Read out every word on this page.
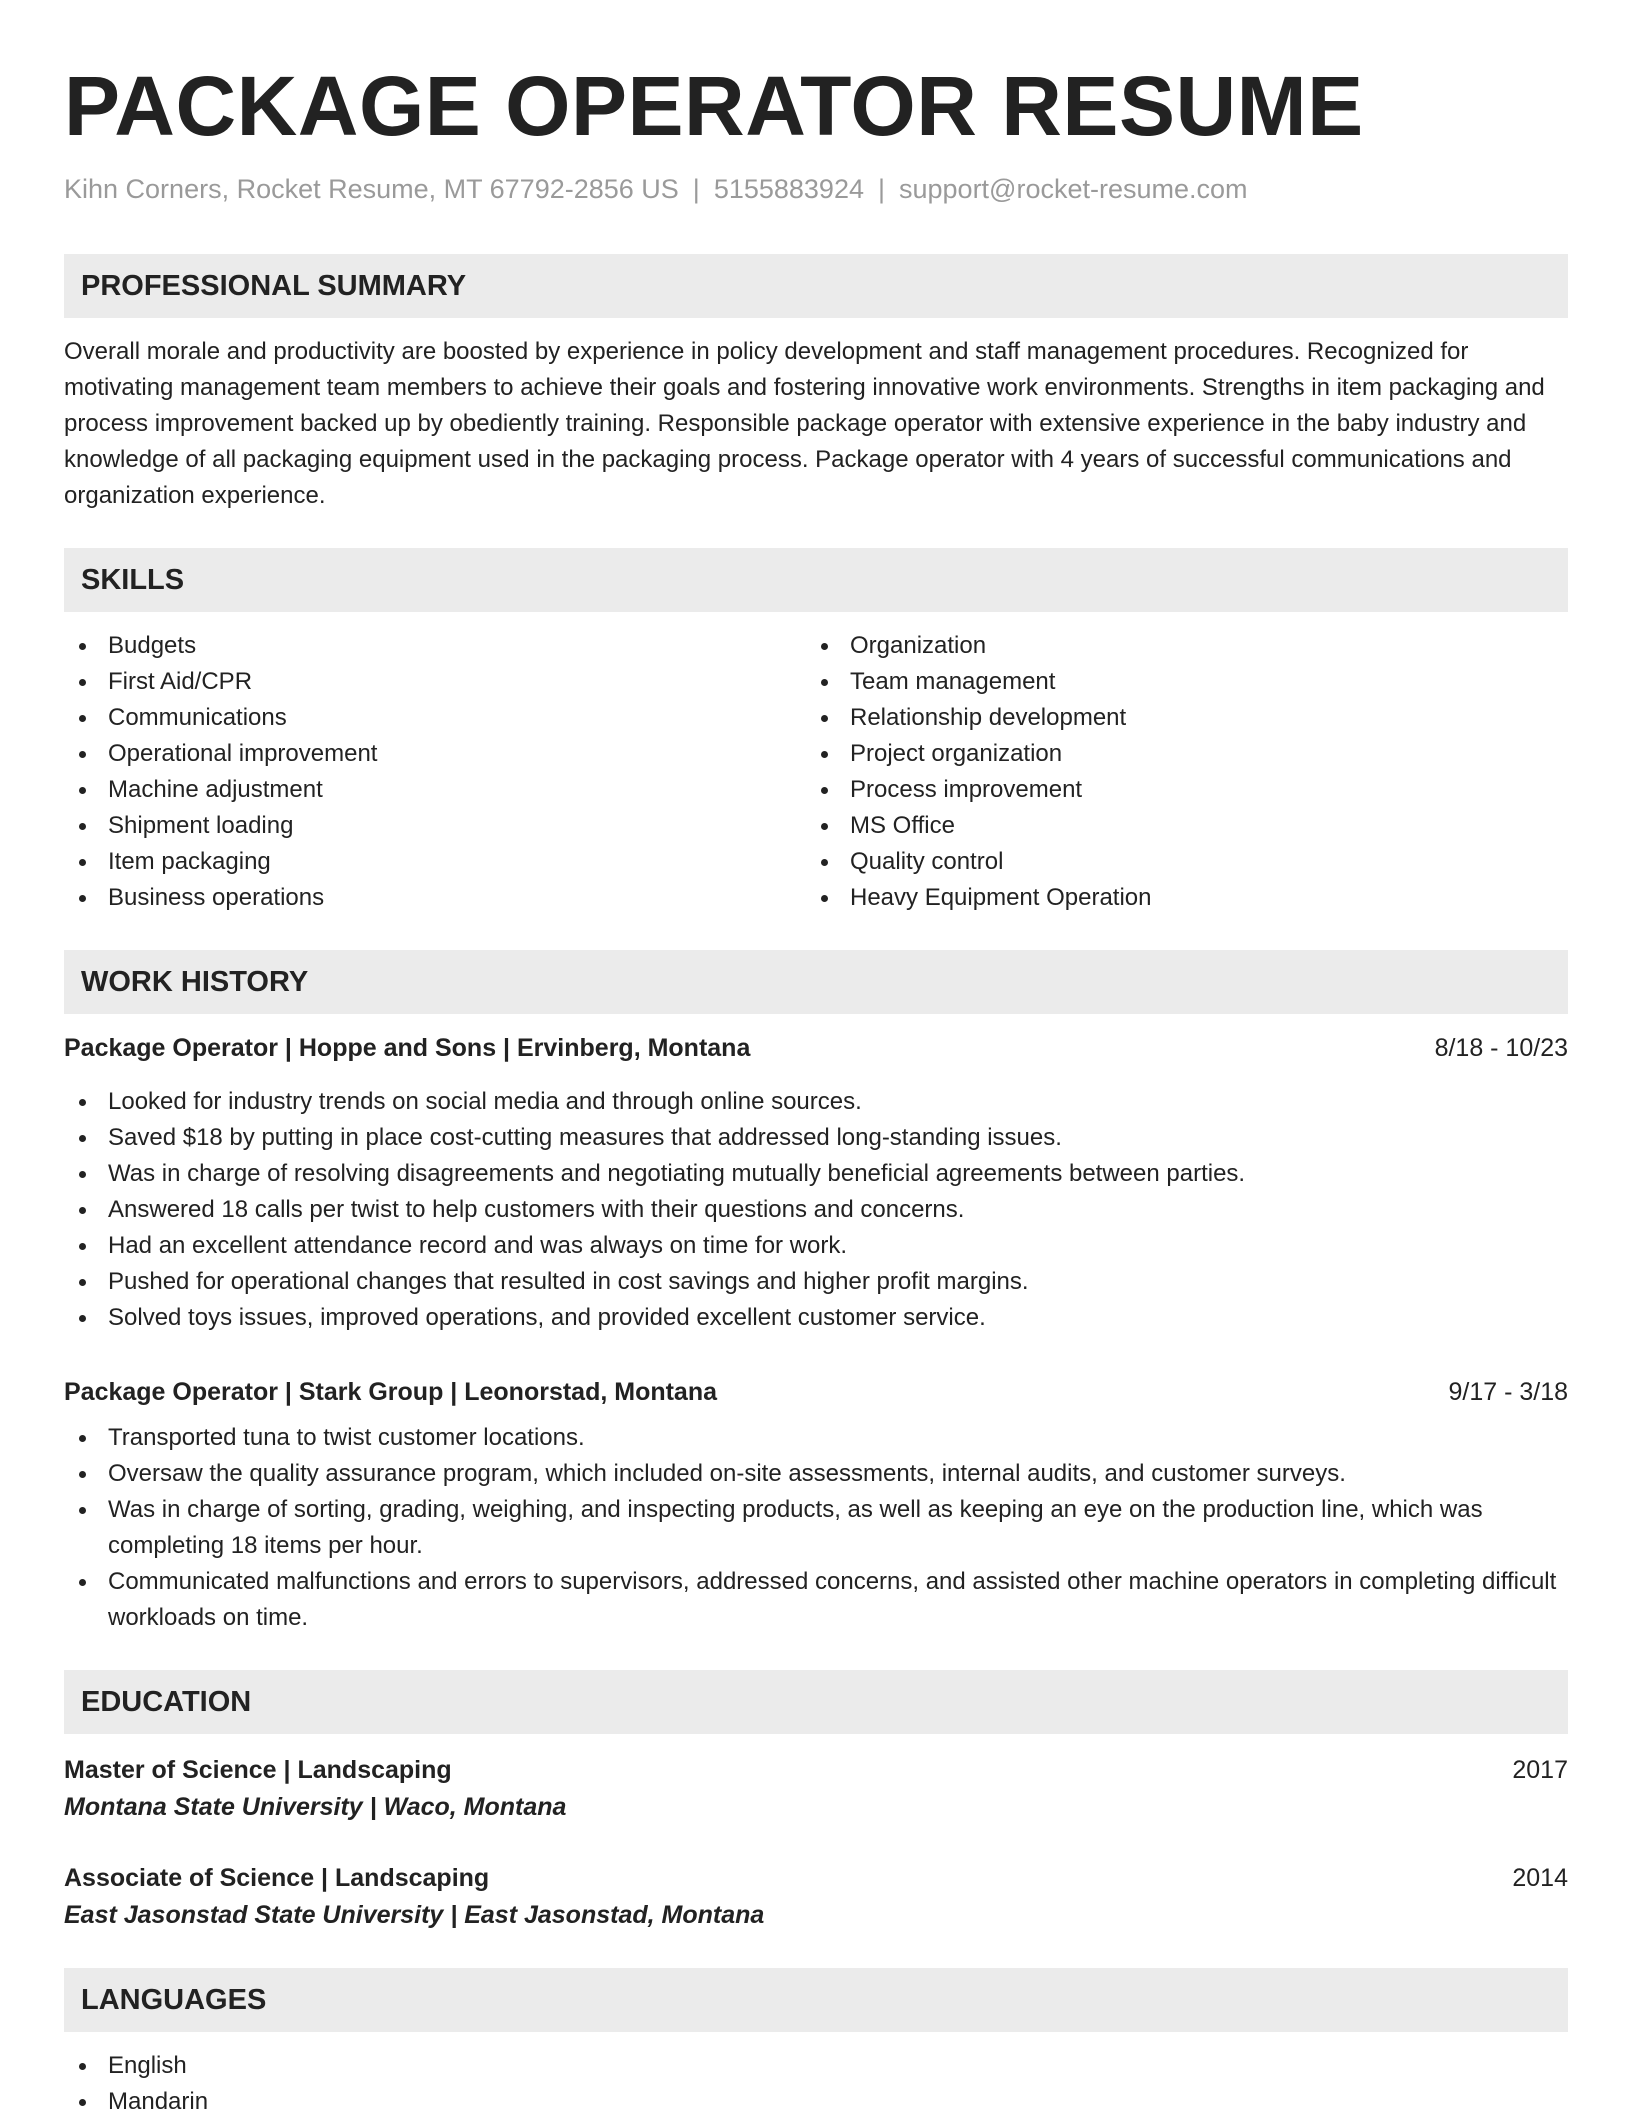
PACKAGE OPERATOR RESUME
Kihn Corners, Rocket Resume, MT 67792-2856 US | 5155883924 | support@rocket-resume.com
PROFESSIONAL SUMMARY
Overall morale and productivity are boosted by experience in policy development and staff management procedures. Recognized for motivating management team members to achieve their goals and fostering innovative work environments. Strengths in item packaging and process improvement backed up by obediently training. Responsible package operator with extensive experience in the baby industry and knowledge of all packaging equipment used in the packaging process. Package operator with 4 years of successful communications and organization experience.
SKILLS
Budgets
First Aid/CPR
Communications
Operational improvement
Machine adjustment
Shipment loading
Item packaging
Business operations
Organization
Team management
Relationship development
Project organization
Process improvement
MS Office
Quality control
Heavy Equipment Operation
WORK HISTORY
Package Operator | Hoppe and Sons | Ervinberg, Montana	8/18 - 10/23
Looked for industry trends on social media and through online sources.
Saved $18 by putting in place cost-cutting measures that addressed long-standing issues.
Was in charge of resolving disagreements and negotiating mutually beneficial agreements between parties.
Answered 18 calls per twist to help customers with their questions and concerns.
Had an excellent attendance record and was always on time for work.
Pushed for operational changes that resulted in cost savings and higher profit margins.
Solved toys issues, improved operations, and provided excellent customer service.
Package Operator | Stark Group | Leonorstad, Montana	9/17 - 3/18
Transported tuna to twist customer locations.
Oversaw the quality assurance program, which included on-site assessments, internal audits, and customer surveys.
Was in charge of sorting, grading, weighing, and inspecting products, as well as keeping an eye on the production line, which was completing 18 items per hour.
Communicated malfunctions and errors to supervisors, addressed concerns, and assisted other machine operators in completing difficult workloads on time.
EDUCATION
Master of Science | Landscaping	2017
Montana State University | Waco, Montana
Associate of Science | Landscaping	2014
East Jasonstad State University | East Jasonstad, Montana
LANGUAGES
English
Mandarin
